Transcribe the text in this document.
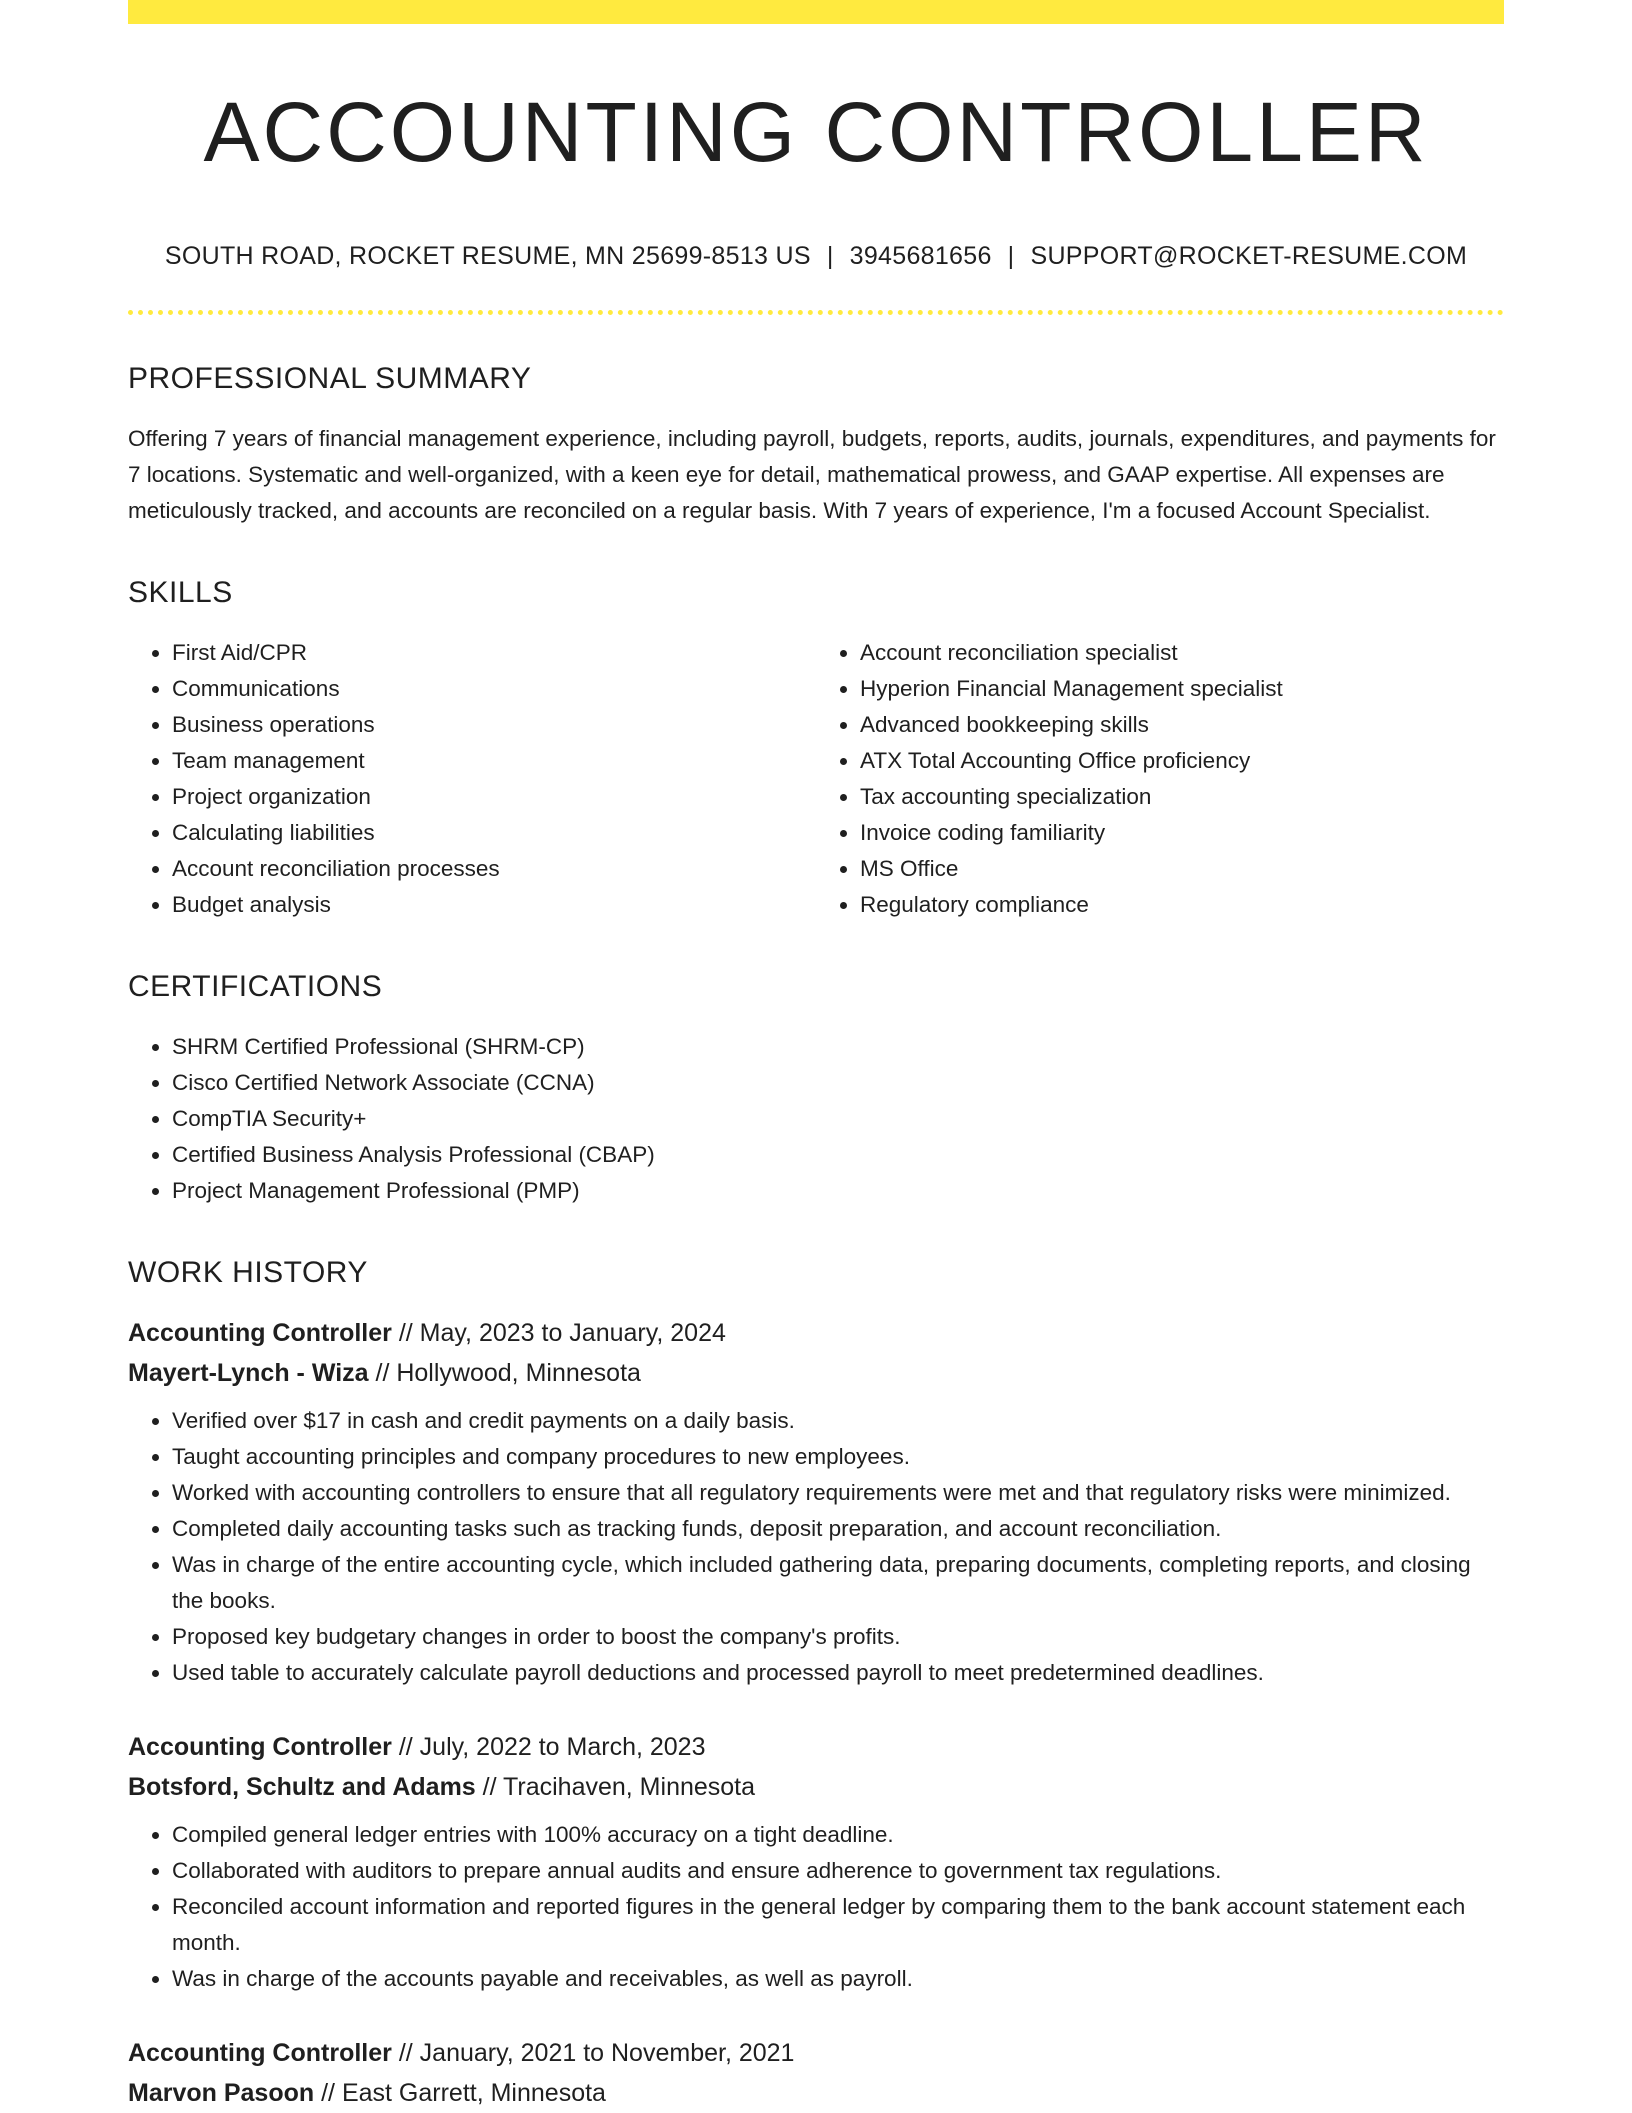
ACCOUNTING CONTROLLER
SOUTH ROAD, ROCKET RESUME, MN 25699-8513 US | 3945681656 | SUPPORT@ROCKET-RESUME.COM
PROFESSIONAL SUMMARY
Offering 7 years of financial management experience, including payroll, budgets, reports, audits, journals, expenditures, and payments for 7 locations. Systematic and well-organized, with a keen eye for detail, mathematical prowess, and GAAP expertise. All expenses are meticulously tracked, and accounts are reconciled on a regular basis. With 7 years of experience, I'm a focused Account Specialist.
SKILLS
• First Aid/CPR
• Communications
• Business operations
• Team management
• Project organization
• Calculating liabilities
• Account reconciliation processes
• Budget analysis
• Account reconciliation specialist
• Hyperion Financial Management specialist
• Advanced bookkeeping skills
• ATX Total Accounting Office proficiency
• Tax accounting specialization
• Invoice coding familiarity
• MS Office
• Regulatory compliance
CERTIFICATIONS
• SHRM Certified Professional (SHRM-CP)
• Cisco Certified Network Associate (CCNA)
• CompTIA Security+
• Certified Business Analysis Professional (CBAP)
• Project Management Professional (PMP)
WORK HISTORY
Accounting Controller // May, 2023 to January, 2024
Mayert-Lynch - Wiza // Hollywood, Minnesota
• Verified over $17 in cash and credit payments on a daily basis.
• Taught accounting principles and company procedures to new employees.
• Worked with accounting controllers to ensure that all regulatory requirements were met and that regulatory risks were minimized.
• Completed daily accounting tasks such as tracking funds, deposit preparation, and account reconciliation.
• Was in charge of the entire accounting cycle, which included gathering data, preparing documents, completing reports, and closing the books.
• Proposed key budgetary changes in order to boost the company's profits.
• Used table to accurately calculate payroll deductions and processed payroll to meet predetermined deadlines.
Accounting Controller // July, 2022 to March, 2023
Botsford, Schultz and Adams // Tracihaven, Minnesota
• Compiled general ledger entries with 100% accuracy on a tight deadline.
• Collaborated with auditors to prepare annual audits and ensure adherence to government tax regulations.
• Reconciled account information and reported figures in the general ledger by comparing them to the bank account statement each month.
• Was in charge of the accounts payable and receivables, as well as payroll.
Accounting Controller // January, 2021 to November, 2021
Marvon Pasoon // East Garrett, Minnesota
